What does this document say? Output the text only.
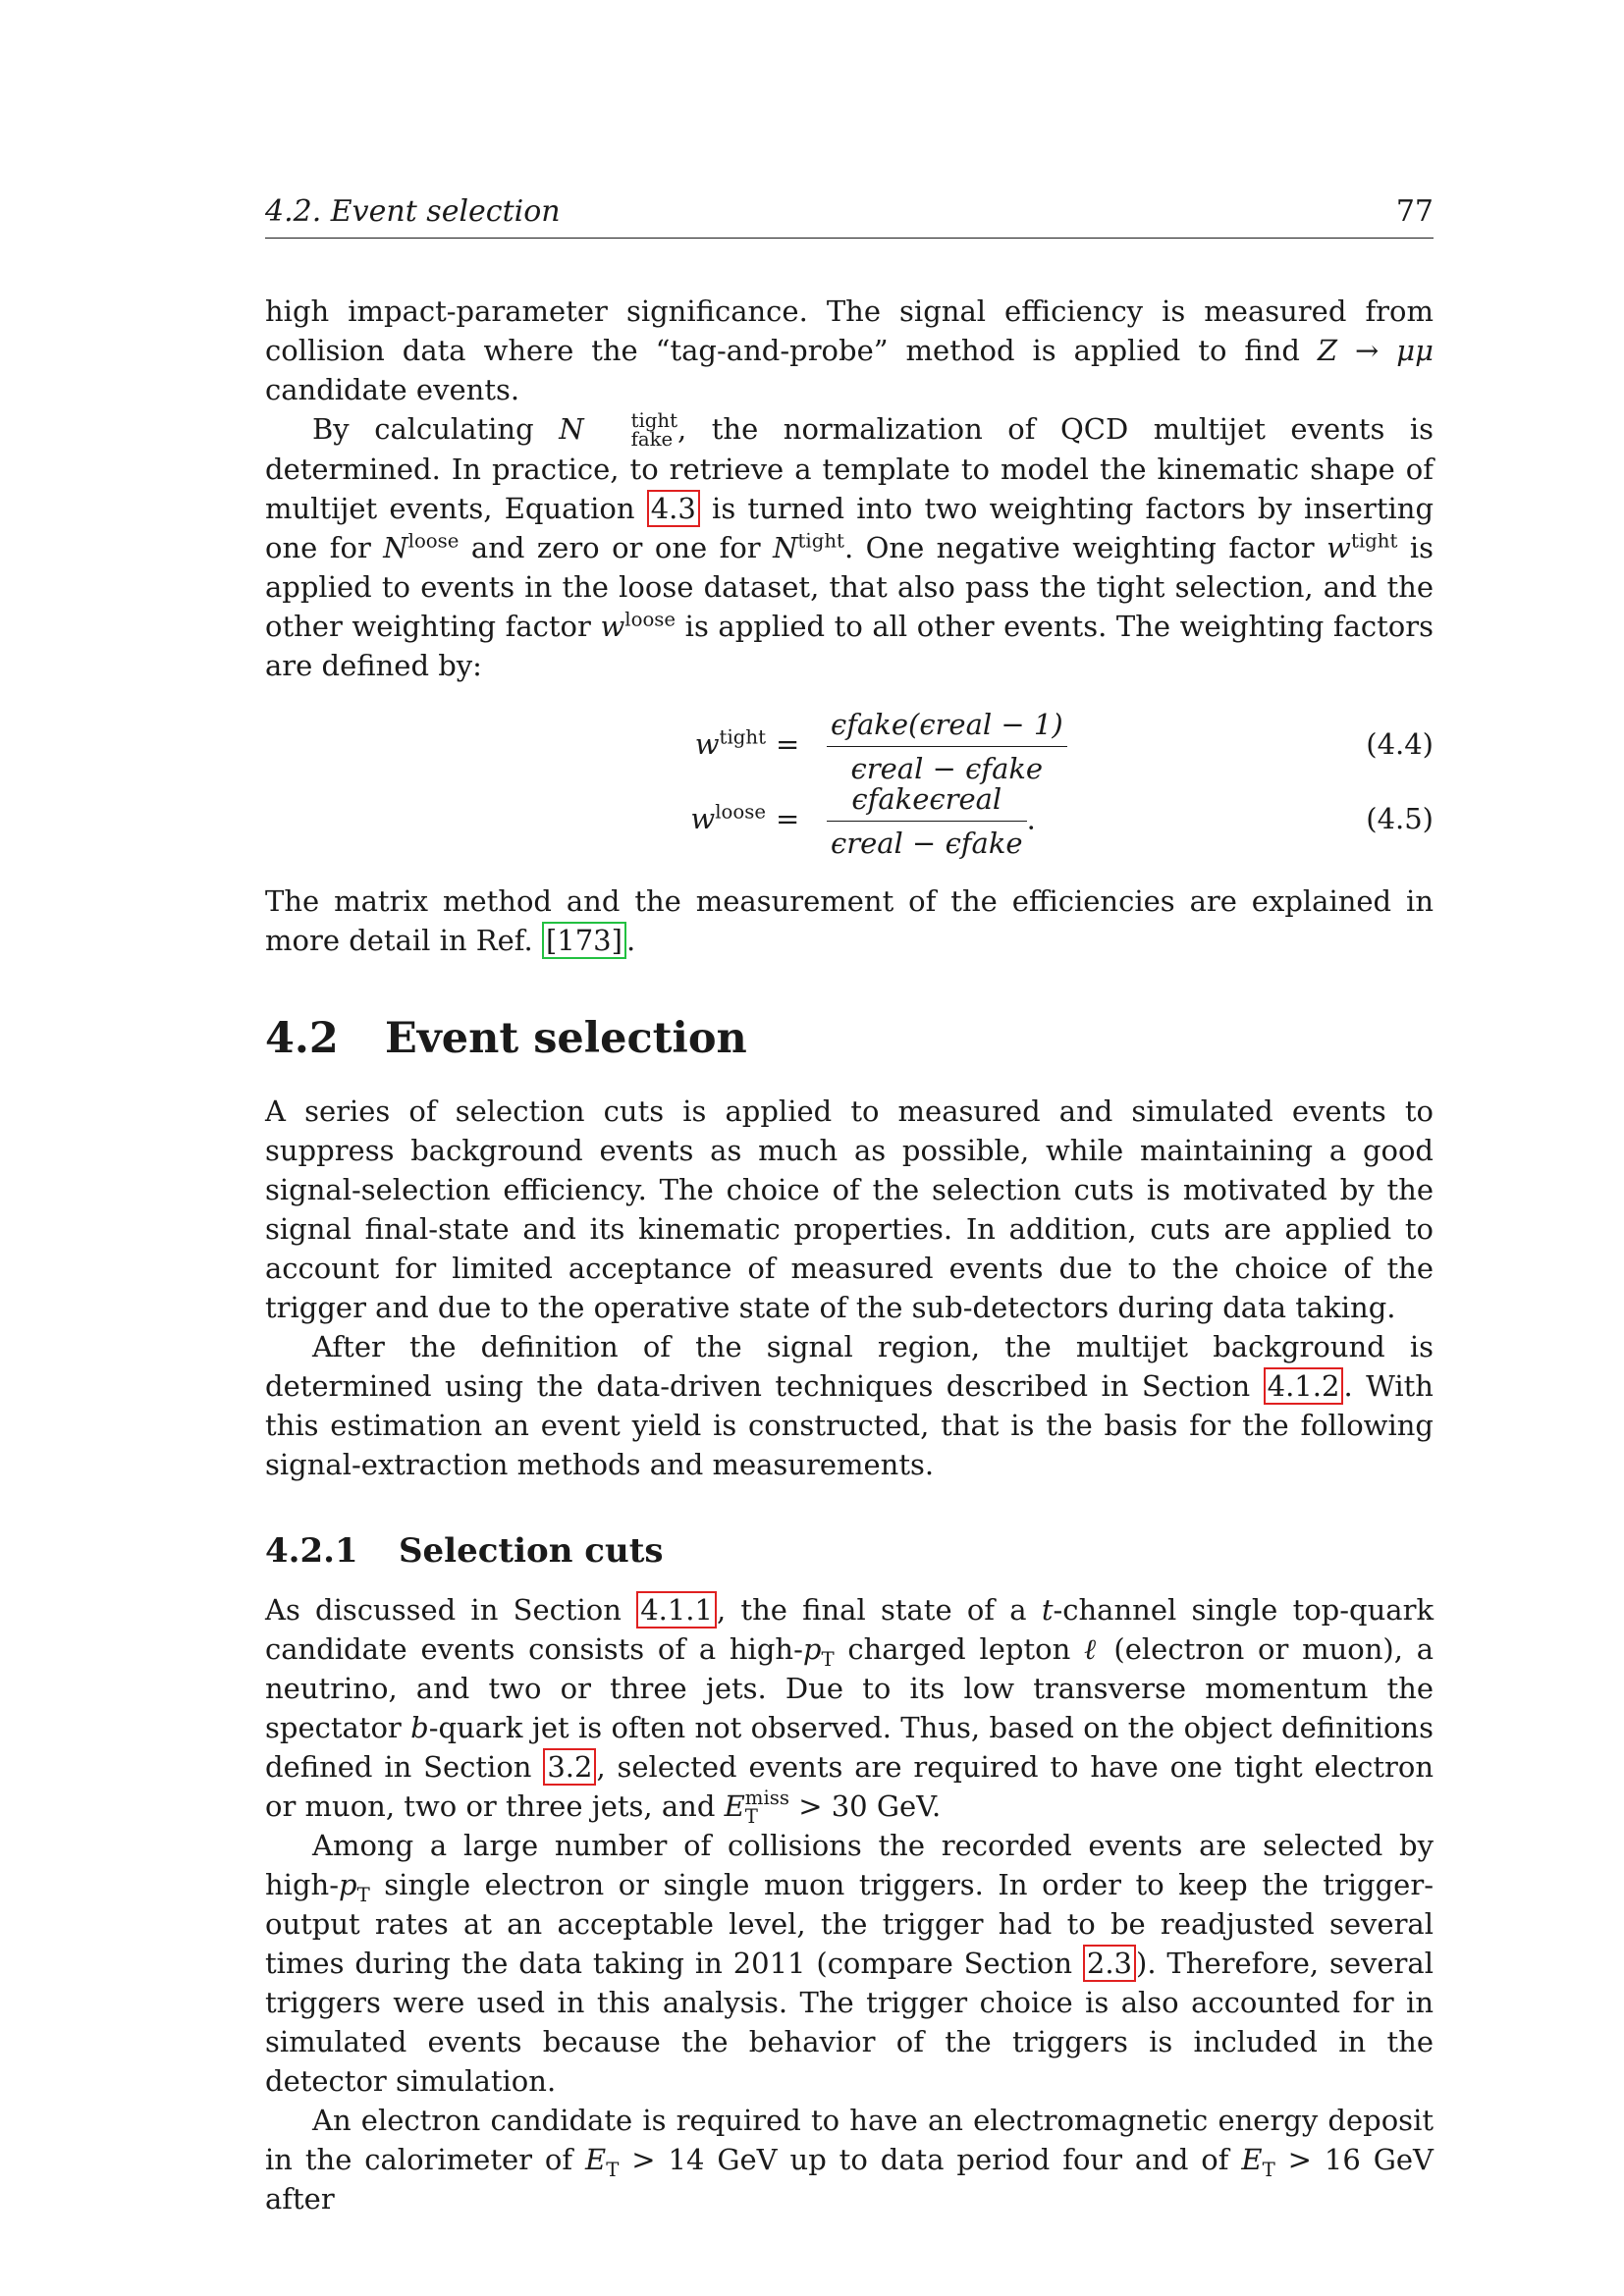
4.2. Event selection	77

high impact-parameter significance. The signal efficiency is measured from collision data where the “tag-and-probe” method is applied to find Z → μμ candidate events.

By calculating N	tight
fake , the normalization of QCD multijet events is determined. In practice, to retrieve a template to model the kinematic shape of multijet events, Equation 4.3 is turned into two weighting factors by inserting one for $N^{loose}$ and zero or one for $N^{tight}$. One negative weighting factor $w^{tight}$ is applied to events in the loose dataset, that also pass the tight selection, and the other weighting factor $w^{loose}$ is applied to all other events. The weighting factors are defined by:

$w^{tight} = \frac{\text{ϵfake(ϵreal − 1)}}{\text{ϵreal − ϵfake}}$	(4.4)
$w^{loose} = \frac{\text{ϵfakeϵreal}}{\text{ϵreal − ϵfake}}$ .	(4.5)

The matrix method and the measurement of the efficiencies are explained in more detail in Ref. [173] .

4.2 Event selection

A series of selection cuts is applied to measured and simulated events to suppress background events as much as possible, while maintaining a good signal-selection efficiency. The choice of the selection cuts is motivated by the signal final-state and its kinematic properties. In addition, cuts are applied to account for limited acceptance of measured events due to the choice of the trigger and due to the operative state of the sub-detectors during data taking.

After the definition of the signal region, the multijet background is determined using the data-driven techniques described in Section 4.1.2 . With this estimation an event yield is constructed, that is the basis for the following signal-extraction methods and measurements.

4.2.1 Selection cuts

As discussed in Section 4.1.1 , the final state of a t-channel single top-quark candidate events consists of a high-$p_T$ charged lepton ℓ (electron or muon), a neutrino, and two or three jets. Due to its low transverse momentum the spectator b-quark jet is often not observed. Thus, based on the object definitions defined in Section 3.2 , selected events are required to have one tight electron or muon, two or three jets, and E miss
T	> 30 GeV.

Among a large number of collisions the recorded events are selected by high-$p_T$ single electron or single muon triggers. In order to keep the trigger-output rates at an acceptable level, the trigger had to be readjusted several times during the data taking in 2011 (compare Section 2.3 ). Therefore, several triggers were used in this analysis. The trigger choice is also accounted for in simulated events because the behavior of the triggers is included in the detector simulation.

An electron candidate is required to have an electromagnetic energy deposit in the calorimeter of $E_T > 14$ GeV up to data period four and of $E_T > 16$ GeV after
